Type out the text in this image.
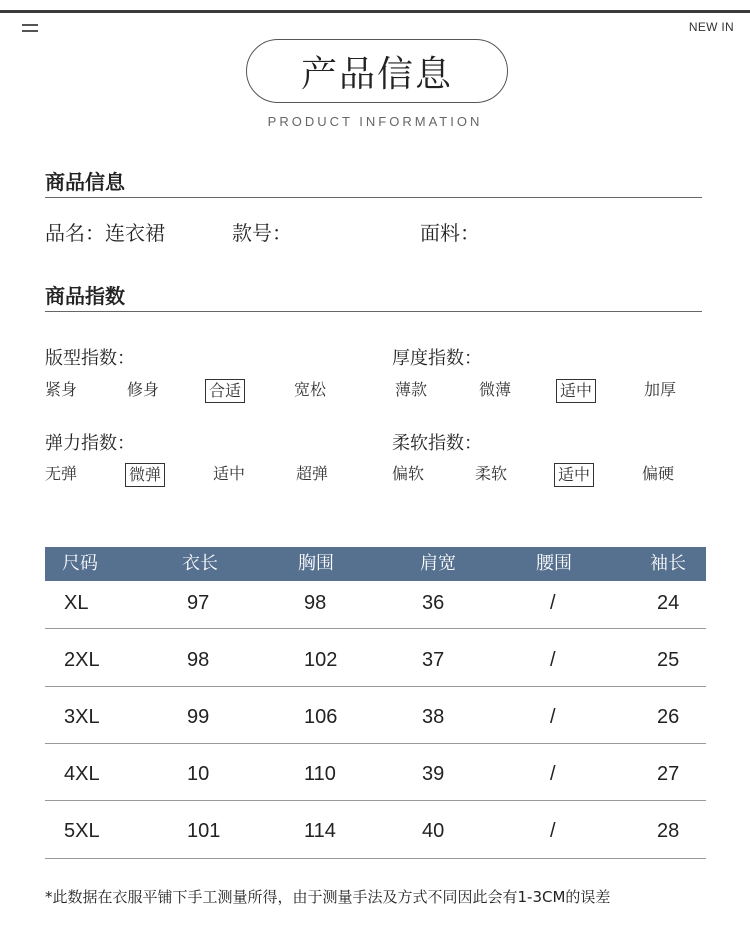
NEW IN
产品信息
PRODUCT INFORMATION
商品信息
品名：连衣裙	款号：	面料：
商品指数
版型指数：
紧身	修身	合适	宽松
厚度指数：
薄款	微薄	适中	加厚
弹力指数：
无弹	微弹	适中	超弹
柔软指数：
偏软	柔软	适中	偏硬
尺码	衣长	胸围	肩宽	腰围	袖长
XL	97	98	36	/	24
2XL	98	102	37	/	25
3XL	99	106	38	/	26
4XL	10	110	39	/	27
5XL	101	114	40	/	28
*此数据在衣服平铺下手工测量所得，由于测量手法及方式不同因此会有1-3CM的误差
